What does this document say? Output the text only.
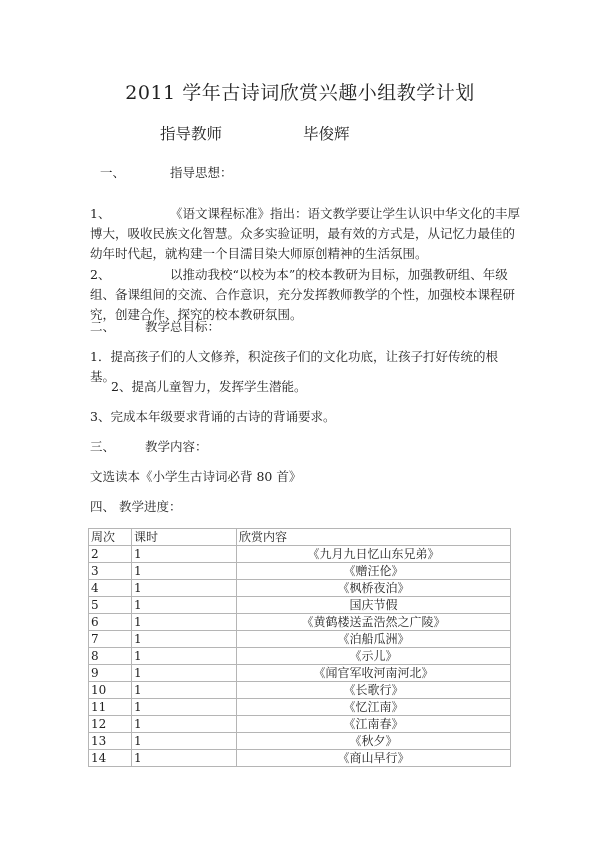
2011 学年古诗词欣赏兴趣小组教学计划
指导教师	毕俊辉
一、	指导思想：
1、	《语文课程标准》指出：语文教学要让学生认识中华文化的丰厚博大，吸收民族文化智慧。众多实验证明，最有效的方式是，从记忆力最佳的幼年时代起，就构建一个目濡目染大师原创精神的生活氛围。
2、	以推动我校“以校为本”的校本教研为目标，加强教研组、年级组、备课组间的交流、合作意识，充分发挥教师教学的个性，加强校本课程研究，创建合作、探究的校本教研氛围。
二、 教学总目标：
1．提高孩子们的人文修养，积淀孩子们的文化功底，让孩子打好传统的根基。
2、提高儿童智力，发挥学生潜能。
3、完成本年级要求背诵的古诗的背诵要求。
三、 教学内容：
文选读本《小学生古诗词必背 80 首》
四、 教学进度：
周次	课时	欣赏内容
2	1	《九月九日忆山东兄弟》
3	1	《赠汪伦》
4	1	《枫桥夜泊》
5	1	国庆节假
6	1	《黄鹤楼送孟浩然之广陵》
7	1	《泊船瓜洲》
8	1	《示儿》
9	1	《闻官军收河南河北》
10	1	《长歌行》
11	1	《忆江南》
12	1	《江南春》
13	1	《秋夕》
14	1	《商山早行》
